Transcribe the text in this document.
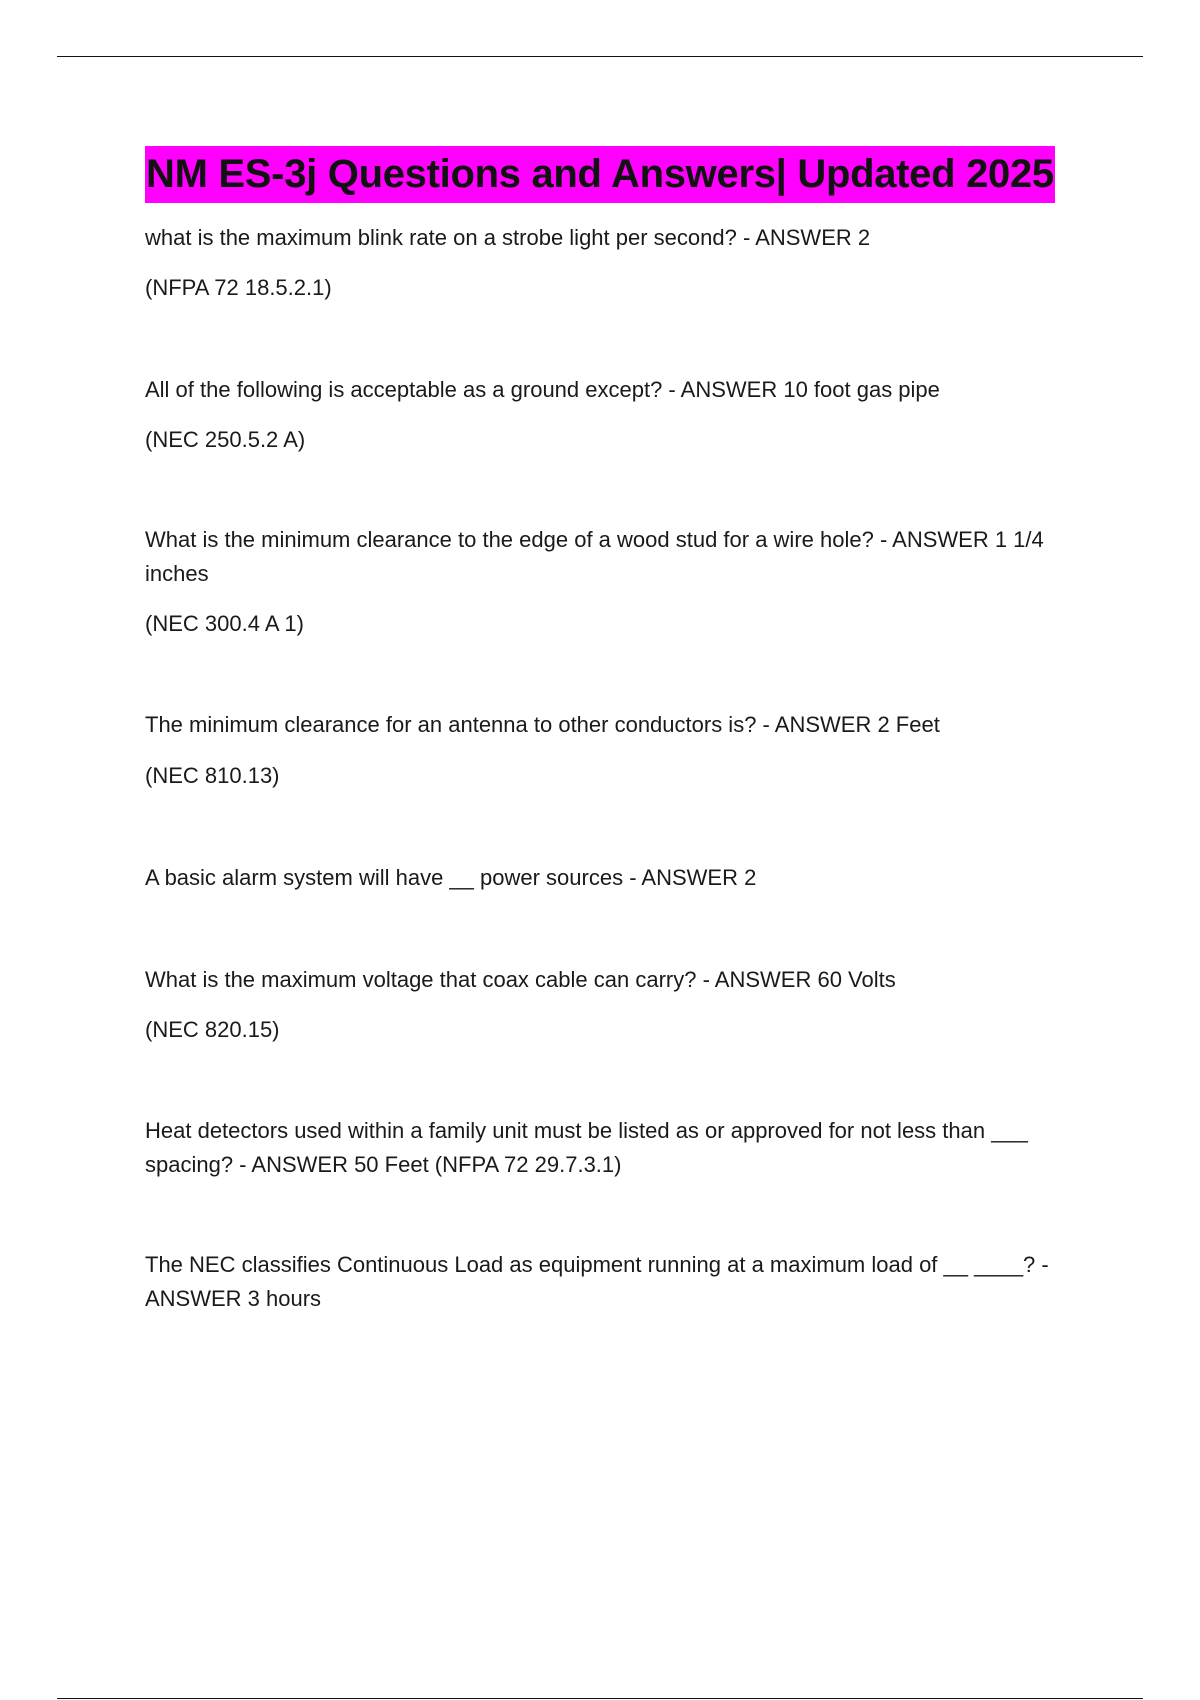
NM ES-3j Questions and Answers| Updated 2025

what is the maximum blink rate on a strobe light per second? - ANSWER 2

(NFPA 72 18.5.2.1)

All of the following is acceptable as a ground except? - ANSWER 10 foot gas pipe

(NEC 250.5.2 A)

What is the minimum clearance to the edge of a wood stud for a wire hole? - ANSWER 1 1/4 inches

(NEC 300.4 A 1)

The minimum clearance for an antenna to other conductors is? - ANSWER 2 Feet

(NEC 810.13)

A basic alarm system will have __ power sources - ANSWER 2

What is the maximum voltage that coax cable can carry? - ANSWER 60 Volts

(NEC 820.15)

Heat detectors used within a family unit must be listed as or approved for not less than ___ spacing? - ANSWER 50 Feet (NFPA 72 29.7.3.1)

The NEC classifies Continuous Load as equipment running at a maximum load of __ ____? - ANSWER 3 hours
